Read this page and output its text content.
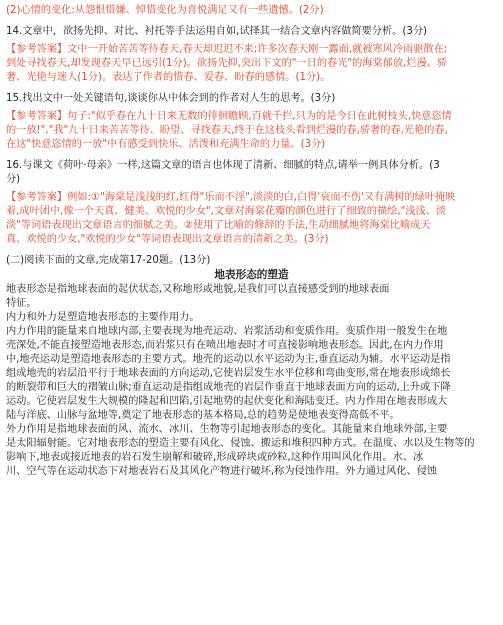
(2)心情的变化:从怨恨惜嫌、悼惜变化为喜悦满足又有一些遗憾。(2分)
14.文章中，欲扬先抑、对比、衬托等手法运用自如,试择其一结合文章内容做简要分析。(3分)
【参考答案】文中一开始苦苦等待春天,春天却迟迟不来;许多次春天刚一露面,就被寒风冷雨驱散在;
到处寻找春天,却发现春天早已远引(1分)。欲扬先抑,突出下文的"一日的春光"的海棠郁放,烂漫、骄
奢、光艳与迷人(1分)。表达了作者的惜春、爱春、盼春的感情。(1分)。
15.找出文中一处关键语句,谈谈你从中体会到的作者对人生的思考。(3分)
【参考答案】句子:"似乎春在九十日来无数的徘徊瞻顾,百就千拦,只为的是今日在此树枝头,快意恣情
的一放!","我"九十日来苦苦等待、盼望、寻找春天,终于在这枝头看到烂漫的春,骄奢的春,光艳的春,
在这"快意恣情的一放"中有感受到快乐、活泼和充满生命的力量。(3分)
16.与课文《荷叶·母亲》一样,这篇文章的语言也体现了清新、细腻的特点,请举一例具体分析。(3
分)
【参考答案】例如:①"海棠是浅浅的红,红得"乐而不淫",淡淡的白,白得'哀而不伤'又有满树的绿叶掩映
着,成叶团中,像一个天真、健美、欢悦的少女",文章对海棠花瓣的颜色进行了细致的描绘,"浅浅、淡
淡"等词语表现出文章语言的细腻之美。②使用了比喻的修辞的手法,生动细腻地将海棠比喻成天
真、欢悦的少女,"欢悦的少女"等词语表现出文章语言的清新之美。(3分)
(二)阅读下面的文章,完成第17-20题。(13分)
地表形态的塑造
地表形态是指地球表面的起伏状态,又称地形或地貌,是我们可以直接感受到的地球表面
特征。
内力和外力是塑造地表形态的主要作用力。
内力作用的能量来自地球内部,主要表现为地壳运动、岩浆活动和变质作用。变质作用一般发生在地
壳深处,不能直接塑造地表形态,而岩浆只有在喷出地表时才可直接影响地表形态。因此,在内力作用
中,地壳运动是塑造地表形态的主要方式。地壳的运动以水平运动为主,垂直运动为辅。水平运动是指
组成地壳的岩层沿平行于地球表面的方向运动,它使岩层发生水平位移和弯曲变形,常在地表形成绵长
的断裂带和巨大的褶皱山脉;垂直运动是指组成地壳的岩层作垂直于地球表面方向的运动,上升或下降
运动。它使岩层发生大规模的隆起和凹陷,引起地势的起伏变化和海陆变迁。内力作用在地表形成大
陆与洋底、山脉与盆地等,奠定了地表形态的基本格局,总的趋势是使地表变得高低不平。
外力作用是指地球表面的风、流水、冰川、生物等引起地表形态的变化。其能量来自地球外部,主要
是太阳辐射能。它对地表形态的塑造主要有风化、侵蚀、搬运和堆积四种方式。在温度、水以及生物等的
影响下,地表或接近地表的岩石发生崩解和破碎,形成碎块或砂粒,这种作用叫风化作用。水、冰
川、空气等在运动状态下对地表岩石及其风化产物进行破坏,称为侵蚀作用。外力通过风化、侵蚀
